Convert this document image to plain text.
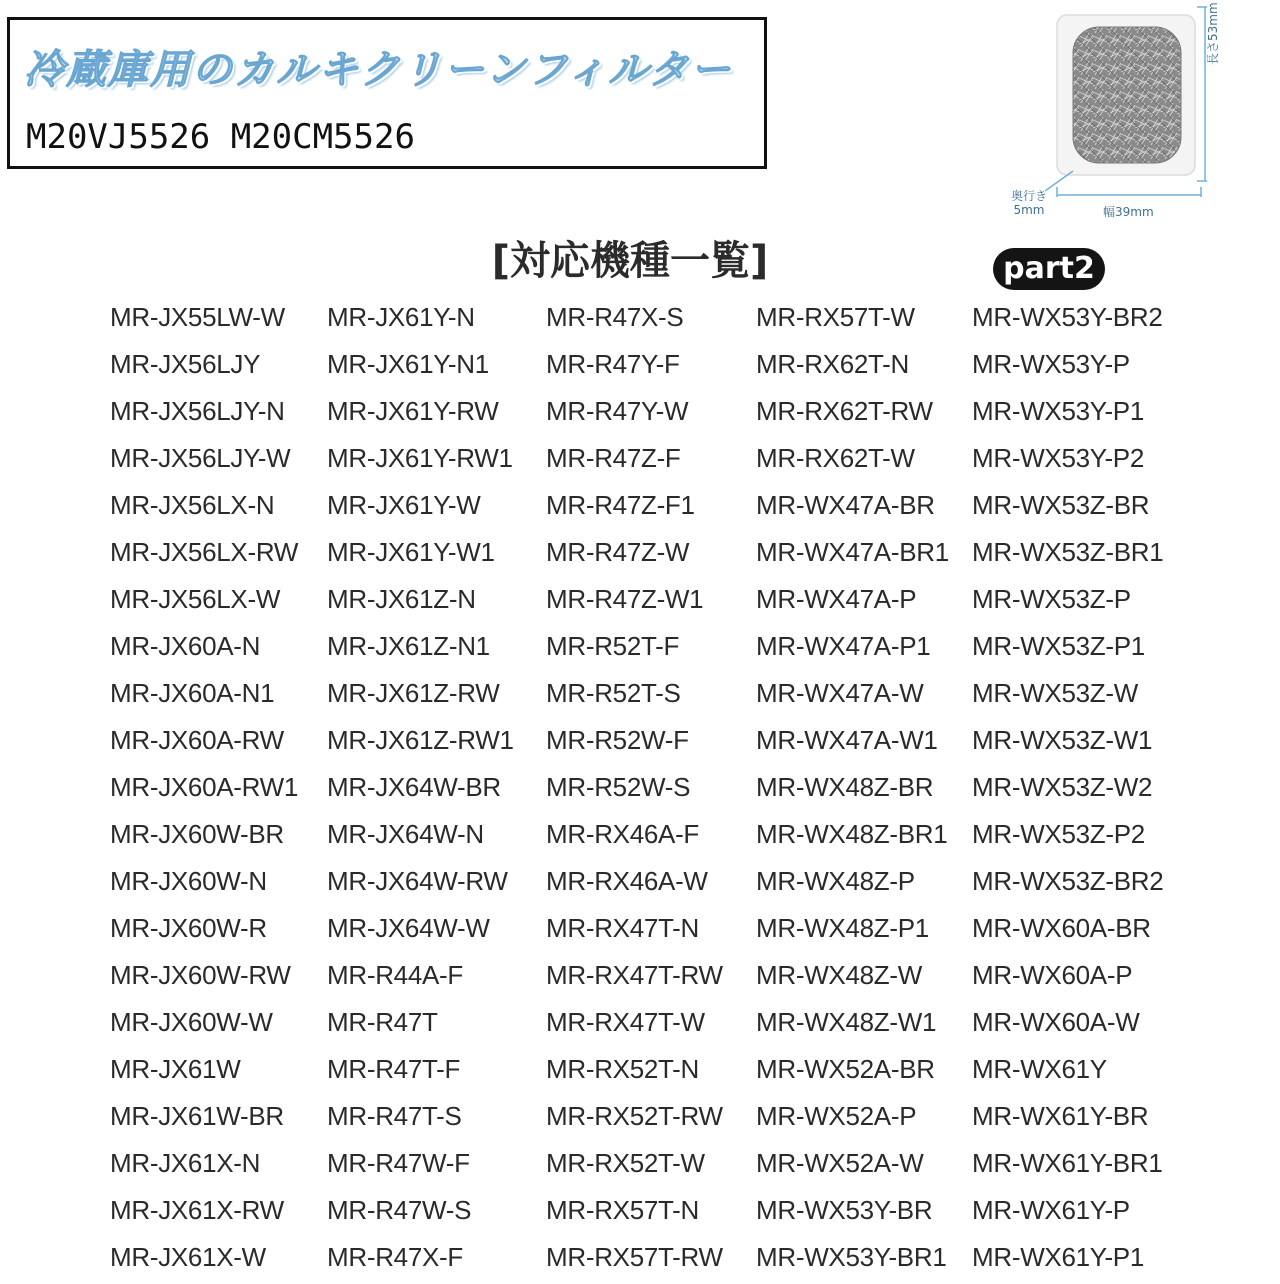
冷蔵庫用のカルキクリーンフィルター
M20VJ5526 M20CM5526
長さ53mm
奥行き
5mm	幅39mm
[対応機種一覧]	part2
MR-JX55LW-W
MR-JX56LJY
MR-JX56LJY-N
MR-JX56LJY-W
MR-JX56LX-N
MR-JX56LX-RW
MR-JX56LX-W
MR-JX60A-N
MR-JX60A-N1
MR-JX60A-RW
MR-JX60A-RW1
MR-JX60W-BR
MR-JX60W-N
MR-JX60W-R
MR-JX60W-RW
MR-JX60W-W
MR-JX61W
MR-JX61W-BR
MR-JX61X-N
MR-JX61X-RW
MR-JX61X-W
MR-JX61Y-N
MR-JX61Y-N1
MR-JX61Y-RW
MR-JX61Y-RW1
MR-JX61Y-W
MR-JX61Y-W1
MR-JX61Z-N
MR-JX61Z-N1
MR-JX61Z-RW
MR-JX61Z-RW1
MR-JX64W-BR
MR-JX64W-N
MR-JX64W-RW
MR-JX64W-W
MR-R44A-F
MR-R47T
MR-R47T-F
MR-R47T-S
MR-R47W-F
MR-R47W-S
MR-R47X-F
MR-R47X-S
MR-R47Y-F
MR-R47Y-W
MR-R47Z-F
MR-R47Z-F1
MR-R47Z-W
MR-R47Z-W1
MR-R52T-F
MR-R52T-S
MR-R52W-F
MR-R52W-S
MR-RX46A-F
MR-RX46A-W
MR-RX47T-N
MR-RX47T-RW
MR-RX47T-W
MR-RX52T-N
MR-RX52T-RW
MR-RX52T-W
MR-RX57T-N
MR-RX57T-RW
MR-RX57T-W
MR-RX62T-N
MR-RX62T-RW
MR-RX62T-W
MR-WX47A-BR
MR-WX47A-BR1
MR-WX47A-P
MR-WX47A-P1
MR-WX47A-W
MR-WX47A-W1
MR-WX48Z-BR
MR-WX48Z-BR1
MR-WX48Z-P
MR-WX48Z-P1
MR-WX48Z-W
MR-WX48Z-W1
MR-WX52A-BR
MR-WX52A-P
MR-WX52A-W
MR-WX53Y-BR
MR-WX53Y-BR1
MR-WX53Y-BR2
MR-WX53Y-P
MR-WX53Y-P1
MR-WX53Y-P2
MR-WX53Z-BR
MR-WX53Z-BR1
MR-WX53Z-P
MR-WX53Z-P1
MR-WX53Z-W
MR-WX53Z-W1
MR-WX53Z-W2
MR-WX53Z-P2
MR-WX53Z-BR2
MR-WX60A-BR
MR-WX60A-P
MR-WX60A-W
MR-WX61Y
MR-WX61Y-BR
MR-WX61Y-BR1
MR-WX61Y-P
MR-WX61Y-P1
